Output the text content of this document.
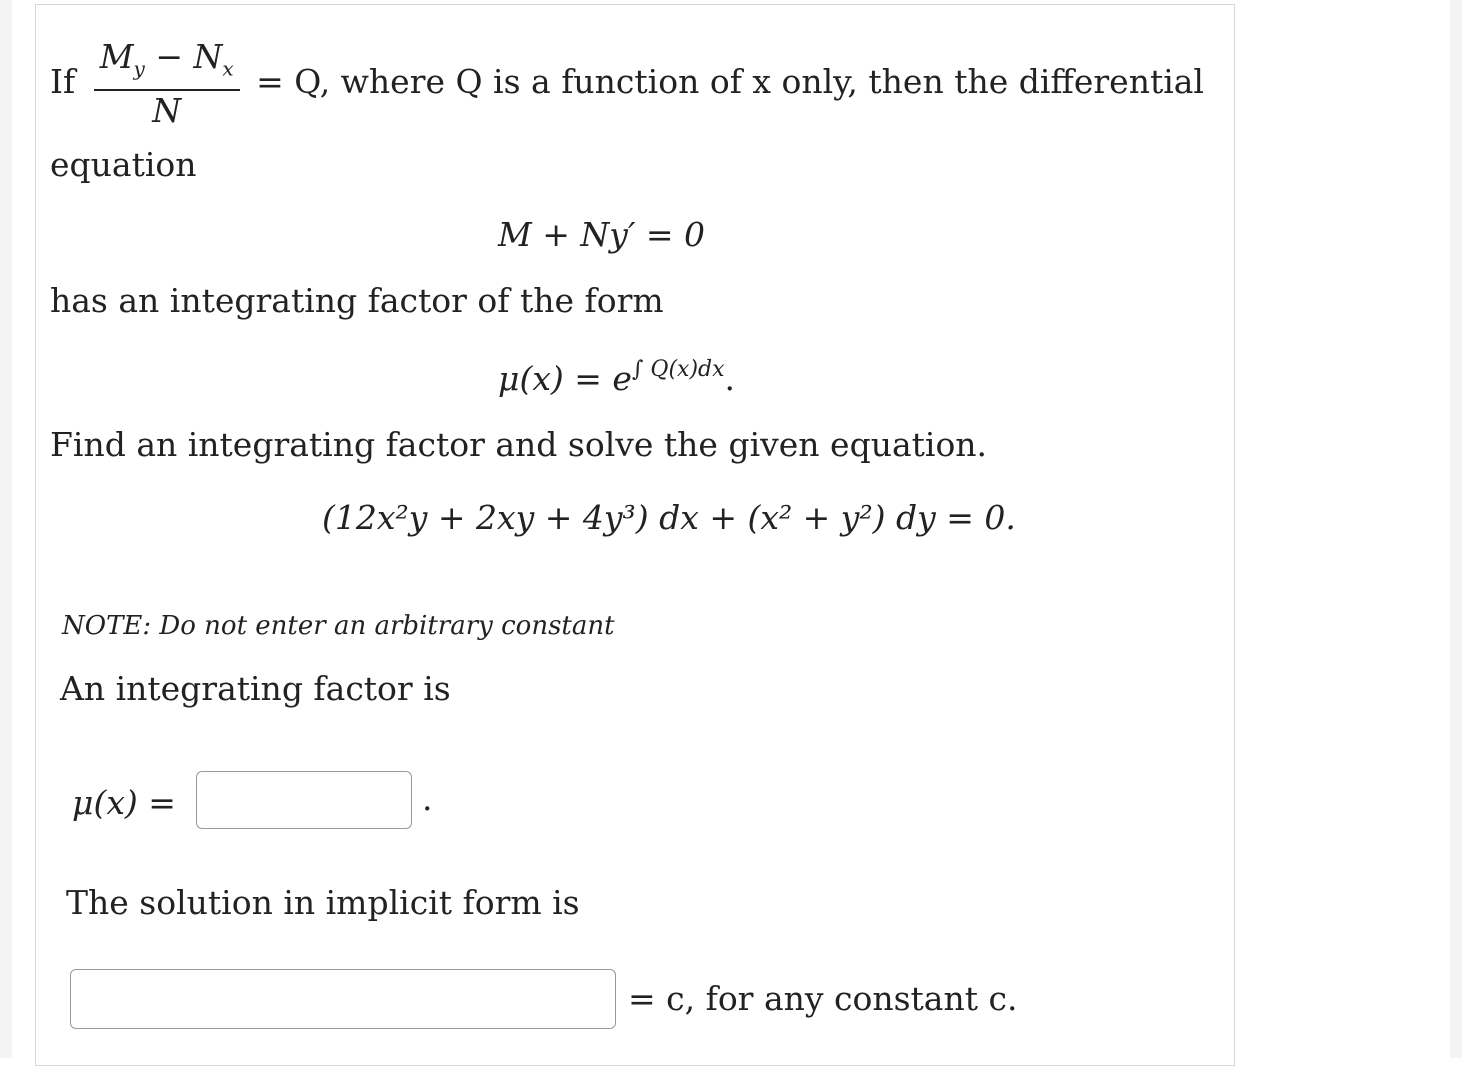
If $\frac{M_y - N_x}{N} = Q$, where Q is a function of x only, then the differential
equation
M + Ny′ = 0
has an integrating factor of the form
$\mu(x) = e^{\int Q(x)dx}$.
Find an integrating factor and solve the given equation.
(12x²y + 2xy + 4y³) dx + (x² + y²) dy = 0.
NOTE: Do not enter an arbitrary constant
An integrating factor is
μ(x) =	.
The solution in implicit form is
= c, for any constant c.
